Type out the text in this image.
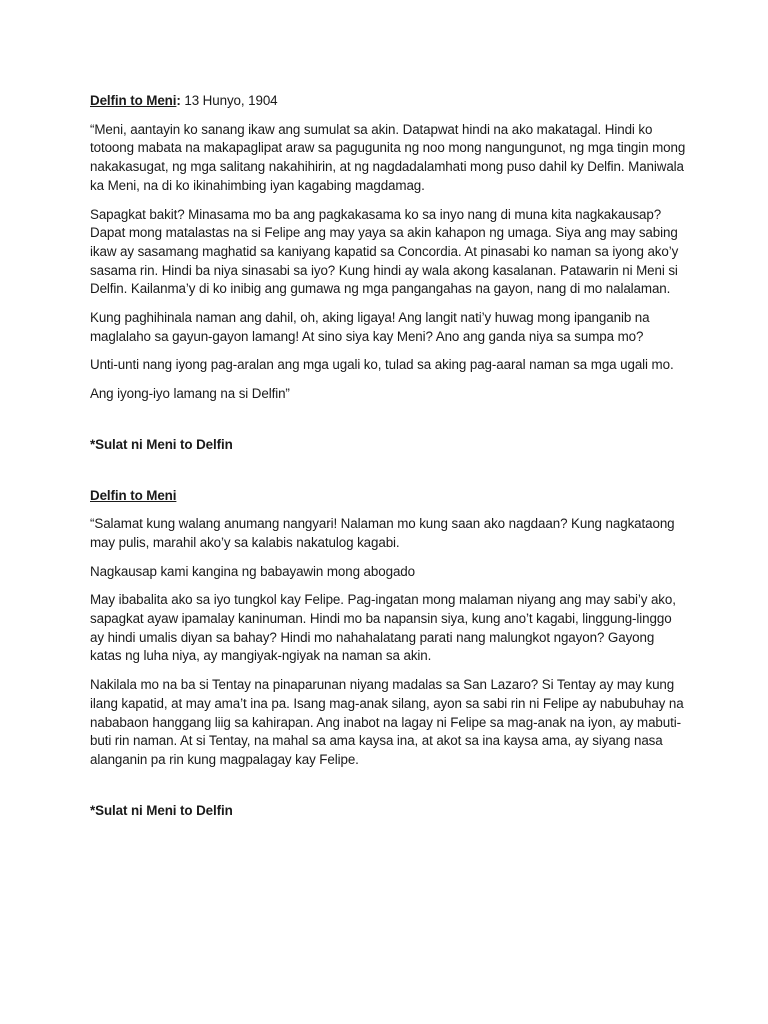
Delfin to Meni: 13 Hunyo, 1904

“Meni, aantayin ko sanang ikaw ang sumulat sa akin. Datapwat hindi na ako makatagal. Hindi ko totoong mabata na makapaglipat araw sa pagugunita ng noo mong nangungunot, ng mga tingin mong nakakasugat, ng mga salitang nakahihirin, at ng nagdadalamhati mong puso dahil ky Delfin. Maniwala ka Meni, na di ko ikinahimbing iyan kagabing magdamag.

Sapagkat bakit? Minasama mo ba ang pagkakasama ko sa inyo nang di muna kita nagkakausap? Dapat mong matalastas na si Felipe ang may yaya sa akin kahapon ng umaga. Siya ang may sabing ikaw ay sasamang maghatid sa kaniyang kapatid sa Concordia. At pinasabi ko naman sa iyong ako’y sasama rin. Hindi ba niya sinasabi sa iyo? Kung hindi ay wala akong kasalanan. Patawarin ni Meni si Delfin. Kailanma’y di ko inibig ang gumawa ng mga pangangahas na gayon, nang di mo nalalaman.

Kung paghihinala naman ang dahil, oh, aking ligaya! Ang langit nati’y huwag mong ipanganib na maglalaho sa gayun-gayon lamang! At sino siya kay Meni? Ano ang ganda niya sa sumpa mo?

Unti-unti nang iyong pag-aralan ang mga ugali ko, tulad sa aking pag-aaral naman sa mga ugali mo.

Ang iyong-iyo lamang na si Delfin”

*Sulat ni Meni to Delfin

Delfin to Meni

“Salamat kung walang anumang nangyari! Nalaman mo kung saan ako nagdaan? Kung nagkataong may pulis, marahil ako’y sa kalabis nakatulog kagabi.

Nagkausap kami kangina ng babayawin mong abogado

May ibabalita ako sa iyo tungkol kay Felipe. Pag-ingatan mong malaman niyang ang may sabi’y ako, sapagkat ayaw ipamalay kaninuman. Hindi mo ba napansin siya, kung ano’t kagabi, linggung-linggo ay hindi umalis diyan sa bahay? Hindi mo nahahalatang parati nang malungkot ngayon? Gayong katas ng luha niya, ay mangiyak-ngiyak na naman sa akin.

Nakilala mo na ba si Tentay na pinaparunan niyang madalas sa San Lazaro? Si Tentay ay may kung ilang kapatid, at may ama’t ina pa. Isang mag-anak silang, ayon sa sabi rin ni Felipe ay nabubuhay na nababaon hanggang liig sa kahirapan. Ang inabot na lagay ni Felipe sa mag-anak na iyon, ay mabuti-buti rin naman. At si Tentay, na mahal sa ama kaysa ina, at akot sa ina kaysa ama, ay siyang nasa alanganin pa rin kung magpalagay kay Felipe.

*Sulat ni Meni to Delfin
